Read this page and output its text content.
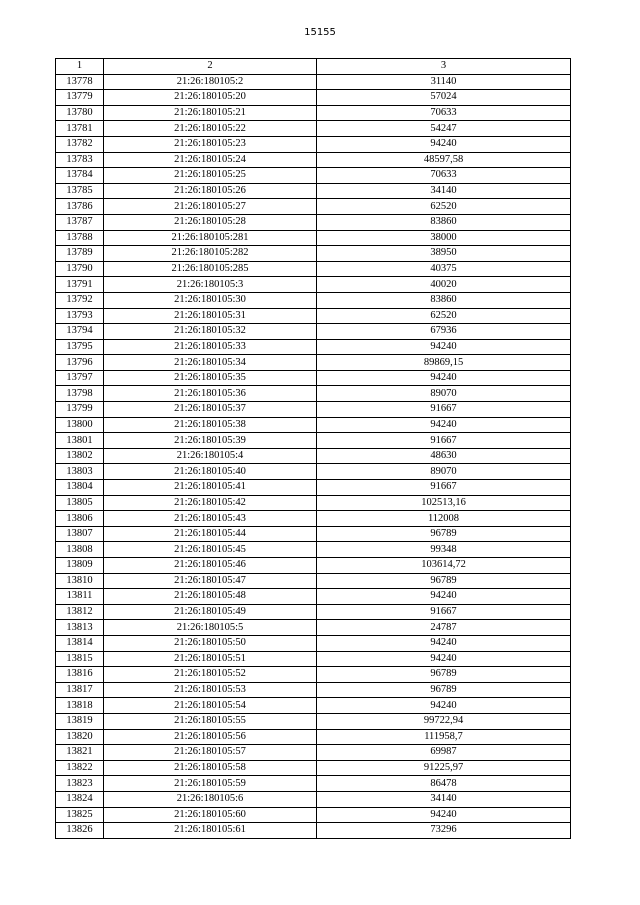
15155
1	2	3
13778	21:26:180105:2	31140
13779	21:26:180105:20	57024
13780	21:26:180105:21	70633
13781	21:26:180105:22	54247
13782	21:26:180105:23	94240
13783	21:26:180105:24	48597,58
13784	21:26:180105:25	70633
13785	21:26:180105:26	34140
13786	21:26:180105:27	62520
13787	21:26:180105:28	83860
13788	21:26:180105:281	38000
13789	21:26:180105:282	38950
13790	21:26:180105:285	40375
13791	21:26:180105:3	40020
13792	21:26:180105:30	83860
13793	21:26:180105:31	62520
13794	21:26:180105:32	67936
13795	21:26:180105:33	94240
13796	21:26:180105:34	89869,15
13797	21:26:180105:35	94240
13798	21:26:180105:36	89070
13799	21:26:180105:37	91667
13800	21:26:180105:38	94240
13801	21:26:180105:39	91667
13802	21:26:180105:4	48630
13803	21:26:180105:40	89070
13804	21:26:180105:41	91667
13805	21:26:180105:42	102513,16
13806	21:26:180105:43	112008
13807	21:26:180105:44	96789
13808	21:26:180105:45	99348
13809	21:26:180105:46	103614,72
13810	21:26:180105:47	96789
13811	21:26:180105:48	94240
13812	21:26:180105:49	91667
13813	21:26:180105:5	24787
13814	21:26:180105:50	94240
13815	21:26:180105:51	94240
13816	21:26:180105:52	96789
13817	21:26:180105:53	96789
13818	21:26:180105:54	94240
13819	21:26:180105:55	99722,94
13820	21:26:180105:56	111958,7
13821	21:26:180105:57	69987
13822	21:26:180105:58	91225,97
13823	21:26:180105:59	86478
13824	21:26:180105:6	34140
13825	21:26:180105:60	94240
13826	21:26:180105:61	73296
